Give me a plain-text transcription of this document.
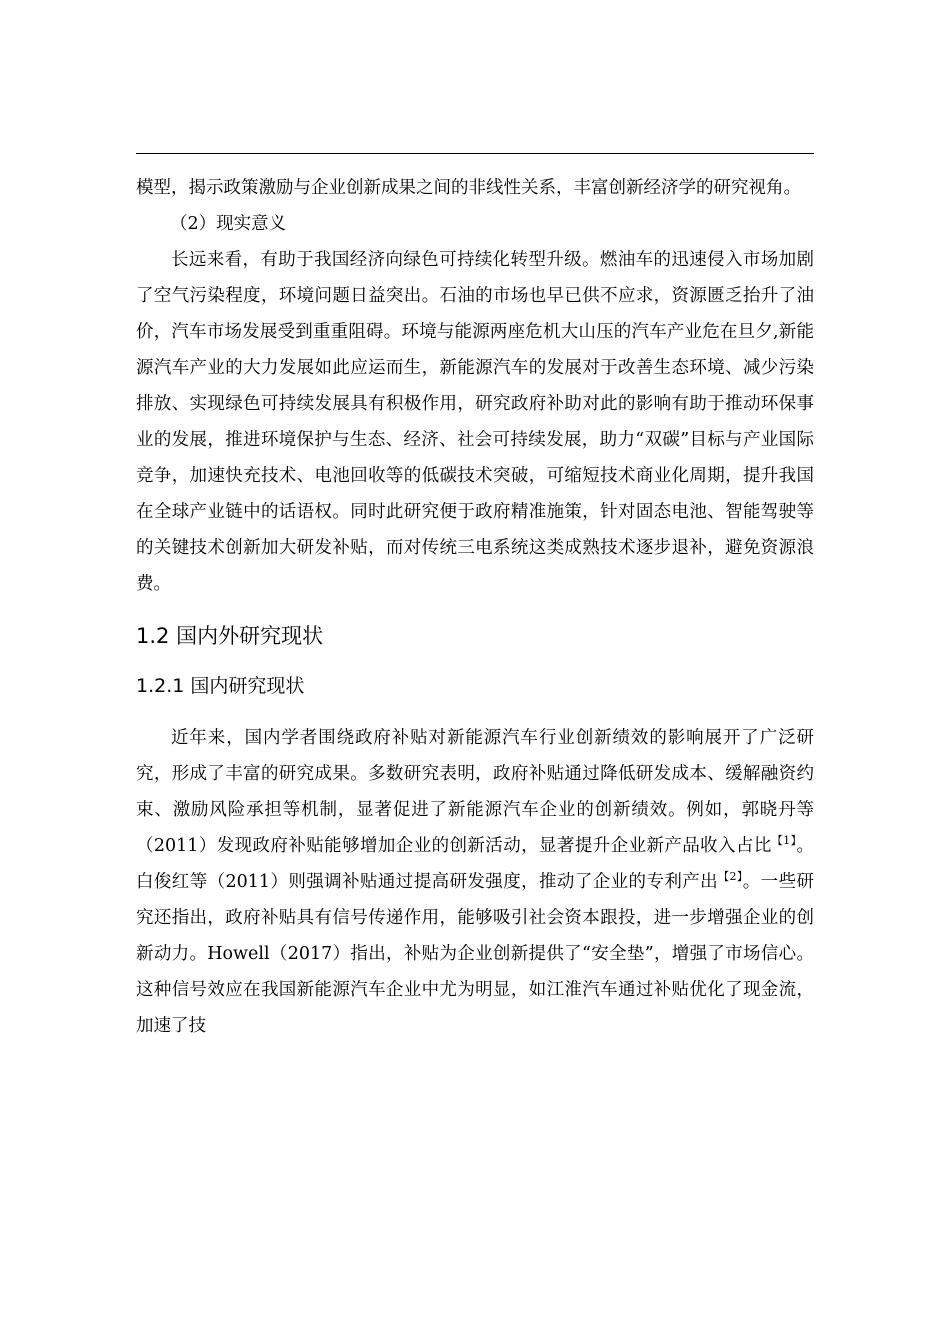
模型，揭示政策激励与企业创新成果之间的非线性关系，丰富创新经济学的研究视角。

（2）现实意义

长远来看，有助于我国经济向绿色可持续化转型升级。燃油车的迅速侵入市场加剧了空气污染程度，环境问题日益突出。石油的市场也早已供不应求，资源匮乏抬升了油价，汽车市场发展受到重重阻碍。环境与能源两座危机大山压的汽车产业危在旦夕,新能源汽车产业的大力发展如此应运而生，新能源汽车的发展对于改善生态环境、减少污染排放、实现绿色可持续发展具有积极作用，研究政府补助对此的影响有助于推动环保事业的发展，推进环境保护与生态、经济、社会可持续发展，助力“双碳”目标与产业国际竞争，加速快充技术、电池回收等的低碳技术突破，可缩短技术商业化周期，提升我国在全球产业链中的话语权。同时此研究便于政府精准施策，针对固态电池、智能驾驶等的关键技术创新加大研发补贴，而对传统三电系统这类成熟技术逐步退补，避免资源浪费。

1.2 国内外研究现状
1.2.1 国内研究现状

近年来，国内学者围绕政府补贴对新能源汽车行业创新绩效的影响展开了广泛研究，形成了丰富的研究成果。多数研究表明，政府补贴通过降低研发成本、缓解融资约束、激励风险承担等机制，显著促进了新能源汽车企业的创新绩效。例如，郭晓丹等（2011）发现政府补贴能够增加企业的创新活动，显著提升企业新产品收入占比$^{【1】}$。白俊红等（2011）则强调补贴通过提高研发强度，推动了企业的专利产出$^{【2】}$。一些研究还指出，政府补贴具有信号传递作用，能够吸引社会资本跟投，进一步增强企业的创新动力。Howell（2017）指出，补贴为企业创新提供了“安全垫”，增强了市场信心。这种信号效应在我国新能源汽车企业中尤为明显，如江淮汽车通过补贴优化了现金流，加速了技
